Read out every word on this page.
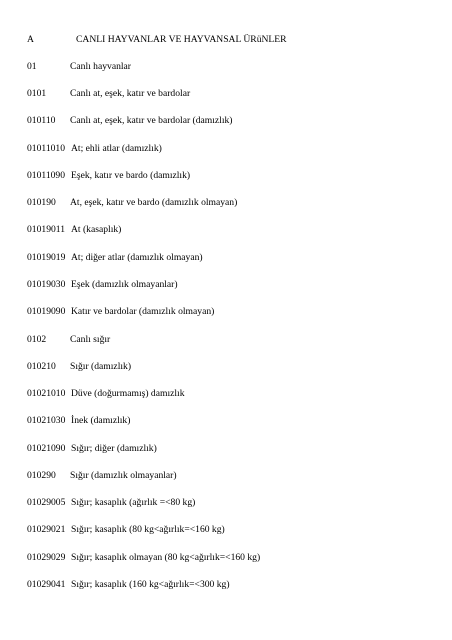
A	CANLI HAYVANLAR VE HAYVANSAL ÜRüNLER
01	Canlı hayvanlar
0101 Canlı at, eşek, katır ve bardolar
010110 Canlı at, eşek, katır ve bardolar (damızlık)
01011010 At; ehli atlar (damızlık)
01011090 Eşek, katır ve bardo (damızlık)
010190 At, eşek, katır ve bardo (damızlık olmayan)
01019011 At (kasaplık)
01019019 At; diğer atlar (damızlık olmayan)
01019030 Eşek (damızlık olmayanlar)
01019090 Katır ve bardolar (damızlık olmayan)
0102 Canlı sığır
010210 Sığır (damızlık)
01021010 Düve (doğurmamış) damızlık
01021030 İnek (damızlık)
01021090 Sığır; diğer (damızlık)
010290 Sığır (damızlık olmayanlar)
01029005 Sığır; kasaplık (ağırlık =<80 kg)
01029021 Sığır; kasaplık (80 kg<ağırlık=<160 kg)
01029029 Sığır; kasaplık olmayan (80 kg<ağırlık=<160 kg)
01029041 Sığır; kasaplık (160 kg<ağırlık=<300 kg)
